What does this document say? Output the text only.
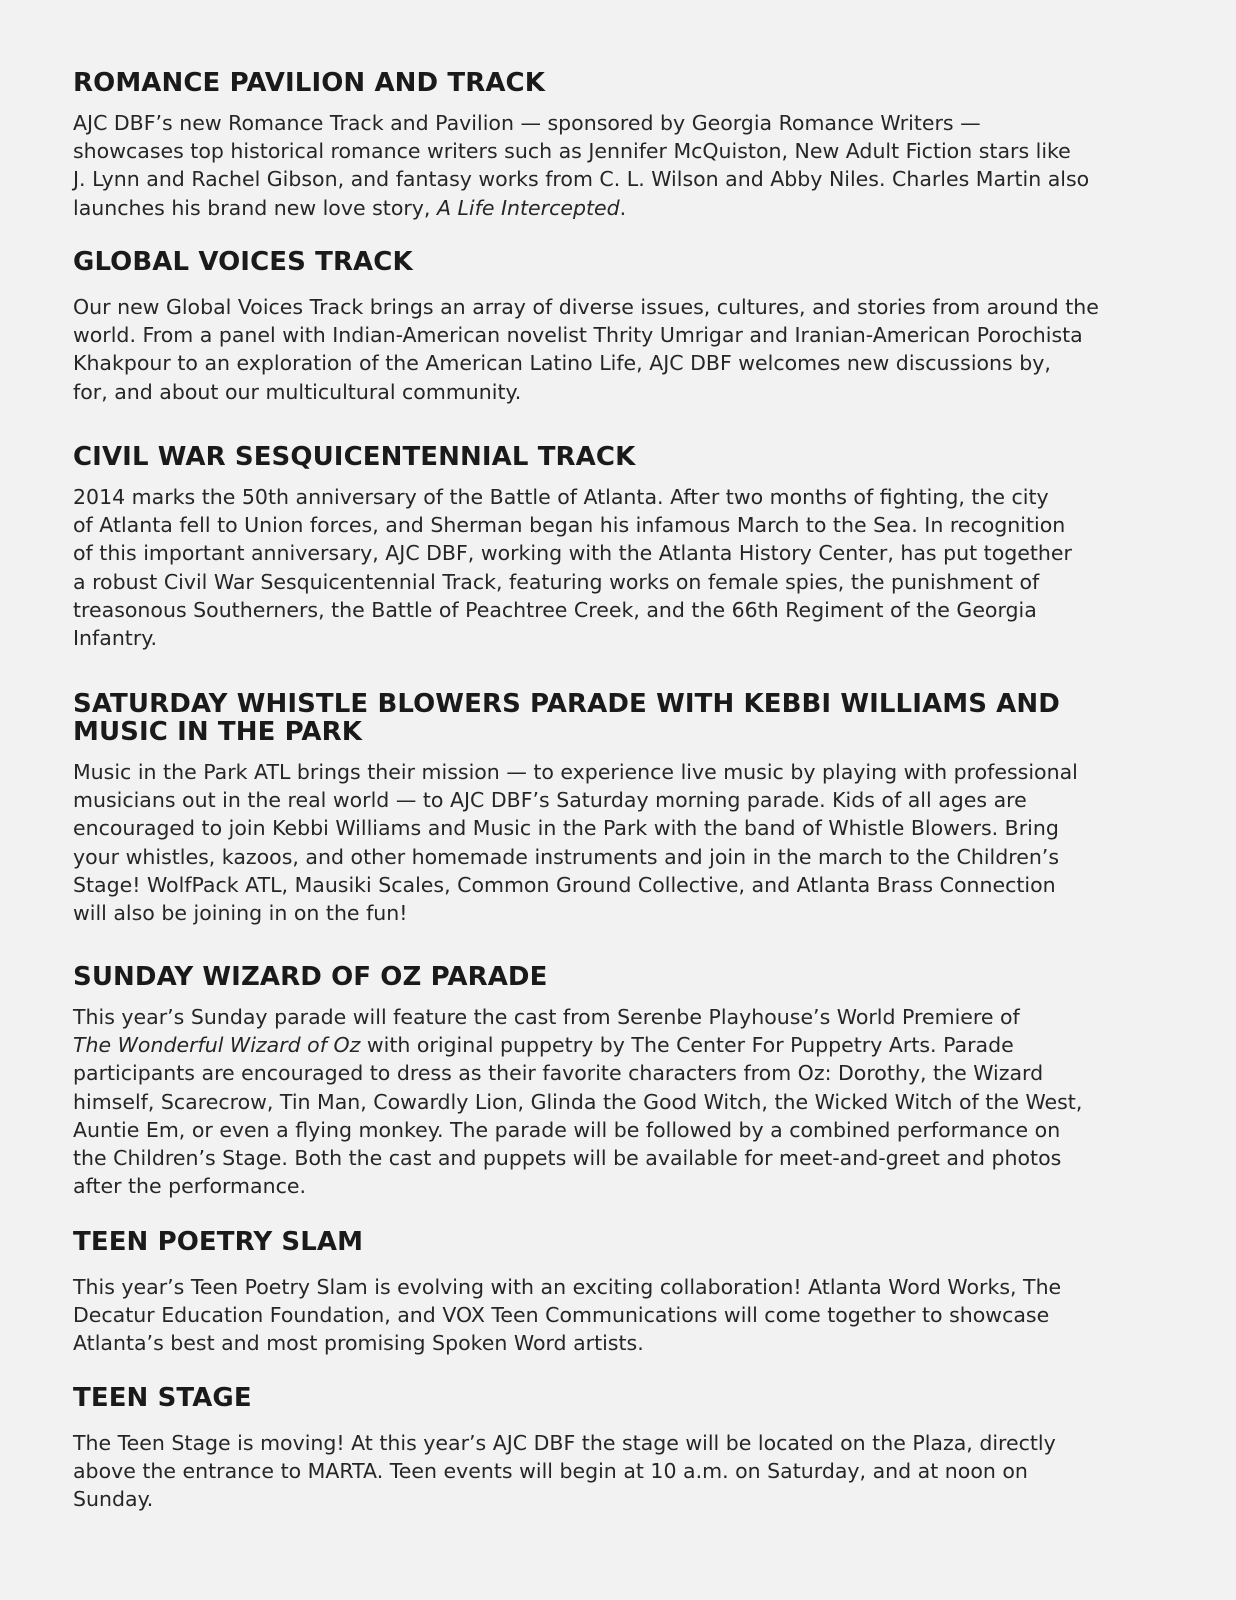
ROMANCE PAVILION AND TRACK

AJC DBF’s new Romance Track and Pavilion — sponsored by Georgia Romance Writers —
showcases top historical romance writers such as Jennifer McQuiston, New Adult Fiction stars like
J. Lynn and Rachel Gibson, and fantasy works from C. L. Wilson and Abby Niles. Charles Martin also
launches his brand new love story, A Life Intercepted.

GLOBAL VOICES TRACK

Our new Global Voices Track brings an array of diverse issues, cultures, and stories from around the
world. From a panel with Indian-American novelist Thrity Umrigar and Iranian-American Porochista
Khakpour to an exploration of the American Latino Life, AJC DBF welcomes new discussions by,
for, and about our multicultural community.

CIVIL WAR SESQUICENTENNIAL TRACK

2014 marks the 50th anniversary of the Battle of Atlanta. After two months of fighting, the city
of Atlanta fell to Union forces, and Sherman began his infamous March to the Sea. In recognition
of this important anniversary, AJC DBF, working with the Atlanta History Center, has put together
a robust Civil War Sesquicentennial Track, featuring works on female spies, the punishment of
treasonous Southerners, the Battle of Peachtree Creek, and the 66th Regiment of the Georgia
Infantry.

SATURDAY WHISTLE BLOWERS PARADE WITH KEBBI WILLIAMS AND
MUSIC IN THE PARK

Music in the Park ATL brings their mission — to experience live music by playing with professional
musicians out in the real world — to AJC DBF’s Saturday morning parade. Kids of all ages are
encouraged to join Kebbi Williams and Music in the Park with the band of Whistle Blowers. Bring
your whistles, kazoos, and other homemade instruments and join in the march to the Children’s
Stage! WolfPack ATL, Mausiki Scales, Common Ground Collective, and Atlanta Brass Connection
will also be joining in on the fun!

SUNDAY WIZARD OF OZ PARADE

This year’s Sunday parade will feature the cast from Serenbe Playhouse’s World Premiere of
The Wonderful Wizard of Oz with original puppetry by The Center For Puppetry Arts. Parade
participants are encouraged to dress as their favorite characters from Oz: Dorothy, the Wizard
himself, Scarecrow, Tin Man, Cowardly Lion, Glinda the Good Witch, the Wicked Witch of the West,
Auntie Em, or even a flying monkey. The parade will be followed by a combined performance on
the Children’s Stage. Both the cast and puppets will be available for meet-and-greet and photos
after the performance.

TEEN POETRY SLAM

This year’s Teen Poetry Slam is evolving with an exciting collaboration! Atlanta Word Works, The
Decatur Education Foundation, and VOX Teen Communications will come together to showcase
Atlanta’s best and most promising Spoken Word artists.

TEEN STAGE

The Teen Stage is moving! At this year’s AJC DBF the stage will be located on the Plaza, directly
above the entrance to MARTA. Teen events will begin at 10 a.m. on Saturday, and at noon on
Sunday.
